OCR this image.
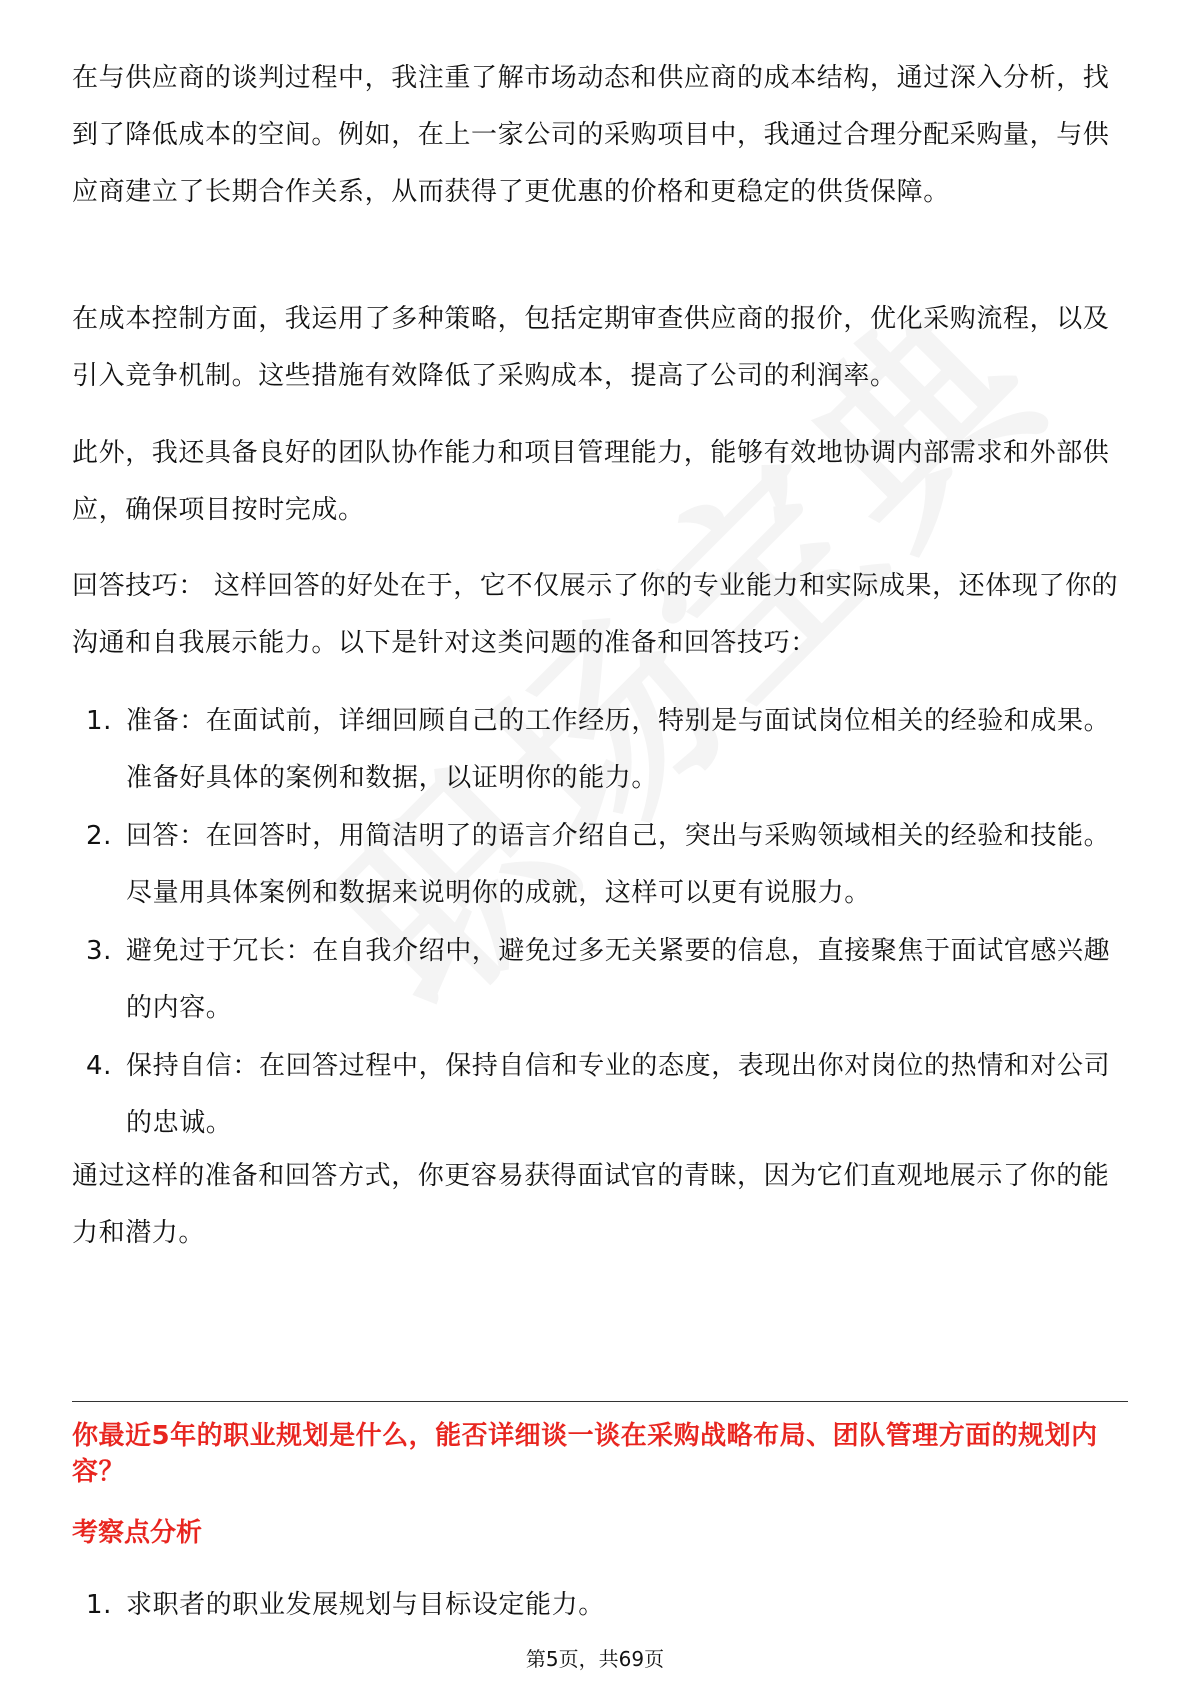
在与供应商的谈判过程中，我注重了解市场动态和供应商的成本结构，通过深入分析，找到了降低成本的空间。例如，在上一家公司的采购项目中，我通过合理分配采购量，与供应商建立了长期合作关系，从而获得了更优惠的价格和更稳定的供货保障。
在成本控制方面，我运用了多种策略，包括定期审查供应商的报价，优化采购流程，以及引入竞争机制。这些措施有效降低了采购成本，提高了公司的利润率。
此外，我还具备良好的团队协作能力和项目管理能力，能够有效地协调内部需求和外部供应，确保项目按时完成。
回答技巧： 这样回答的好处在于，它不仅展示了你的专业能力和实际成果，还体现了你的沟通和自我展示能力。以下是针对这类问题的准备和回答技巧：
1. 准备：在面试前，详细回顾自己的工作经历，特别是与面试岗位相关的经验和成果。准备好具体的案例和数据，以证明你的能力。
2. 回答：在回答时，用简洁明了的语言介绍自己，突出与采购领域相关的经验和技能。尽量用具体案例和数据来说明你的成就，这样可以更有说服力。
3. 避免过于冗长：在自我介绍中，避免过多无关紧要的信息，直接聚焦于面试官感兴趣的内容。
4. 保持自信：在回答过程中，保持自信和专业的态度，表现出你对岗位的热情和对公司的忠诚。
通过这样的准备和回答方式，你更容易获得面试官的青睐，因为它们直观地展示了你的能力和潜力。
你最近5年的职业规划是什么，能否详细谈一谈在采购战略布局、团队管理方面的规划内容？
考察点分析
1. 求职者的职业发展规划与目标设定能力。
第5页，共69页
